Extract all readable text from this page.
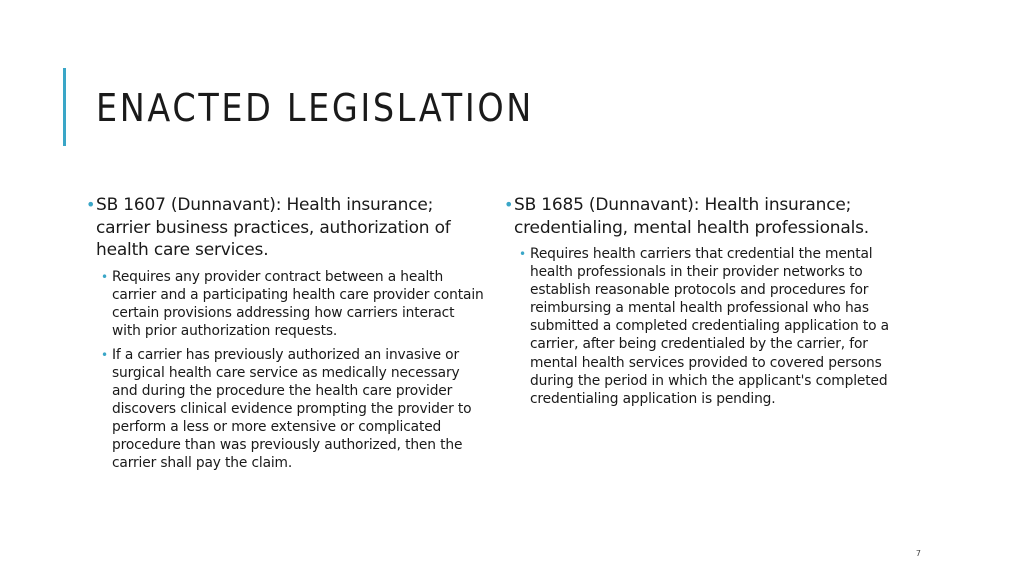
ENACTED LEGISLATION
• SB 1607 (Dunnavant): Health insurance; carrier business practices, authorization of health care services.
• Requires any provider contract between a health carrier and a participating health care provider contain certain provisions addressing how carriers interact with prior authorization requests.
• If a carrier has previously authorized an invasive or surgical health care service as medically necessary and during the procedure the health care provider discovers clinical evidence prompting the provider to perform a less or more extensive or complicated procedure than was previously authorized, then the carrier shall pay the claim.
• SB 1685 (Dunnavant): Health insurance; credentialing, mental health professionals.
• Requires health carriers that credential the mental health professionals in their provider networks to establish reasonable protocols and procedures for reimbursing a mental health professional who has submitted a completed credentialing application to a carrier, after being credentialed by the carrier, for mental health services provided to covered persons during the period in which the applicant's completed credentialing application is pending.
7
